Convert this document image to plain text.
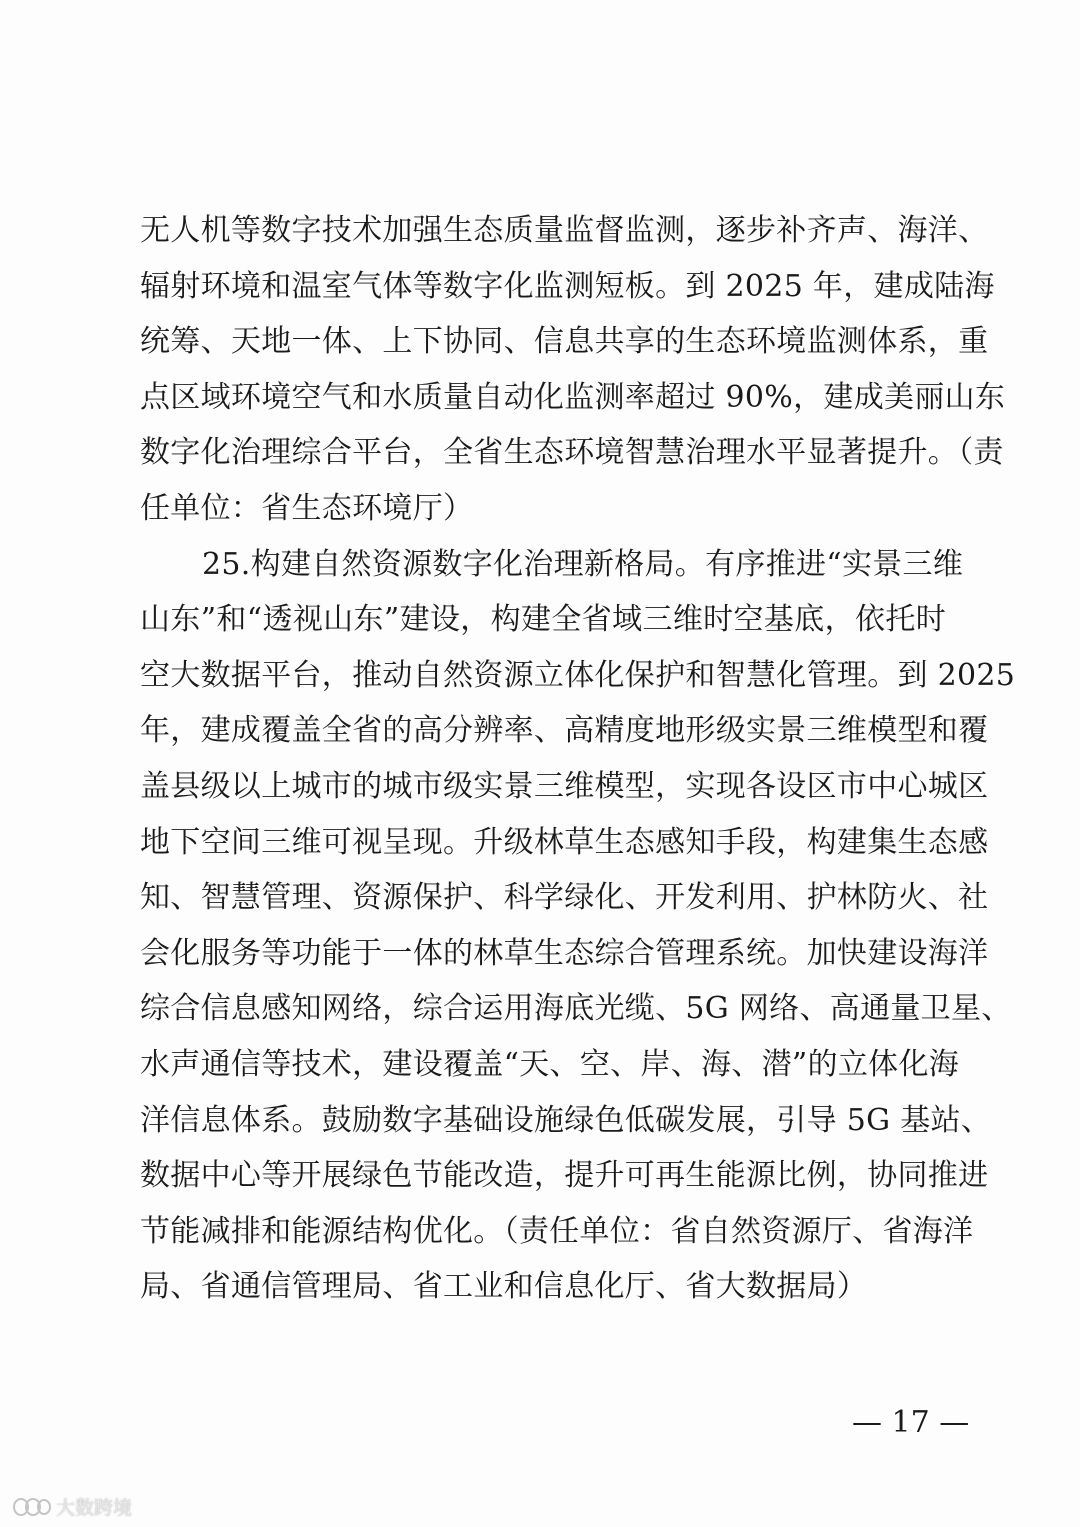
无人机等数字技术加强生态质量监督监测，逐步补齐声、海洋、
辐射环境和温室气体等数字化监测短板。到 2025 年，建成陆海
统筹、天地一体、上下协同、信息共享的生态环境监测体系，重
点区域环境空气和水质量自动化监测率超过 90%，建成美丽山东
数字化治理综合平台，全省生态环境智慧治理水平显著提升。（责
任单位：省生态环境厅）
25.构建自然资源数字化治理新格局。有序推进“实景三维
山东”和“透视山东”建设，构建全省域三维时空基底，依托时
空大数据平台，推动自然资源立体化保护和智慧化管理。到 2025
年，建成覆盖全省的高分辨率、高精度地形级实景三维模型和覆
盖县级以上城市的城市级实景三维模型，实现各设区市中心城区
地下空间三维可视呈现。升级林草生态感知手段，构建集生态感
知、智慧管理、资源保护、科学绿化、开发利用、护林防火、社
会化服务等功能于一体的林草生态综合管理系统。加快建设海洋
综合信息感知网络，综合运用海底光缆、5G 网络、高通量卫星、
水声通信等技术，建设覆盖“天、空、岸、海、潜”的立体化海
洋信息体系。鼓励数字基础设施绿色低碳发展，引导 5G 基站、
数据中心等开展绿色节能改造，提升可再生能源比例，协同推进
节能减排和能源结构优化。（责任单位：省自然资源厅、省海洋
局、省通信管理局、省工业和信息化厅、省大数据局）
— 17 —
大数跨境
